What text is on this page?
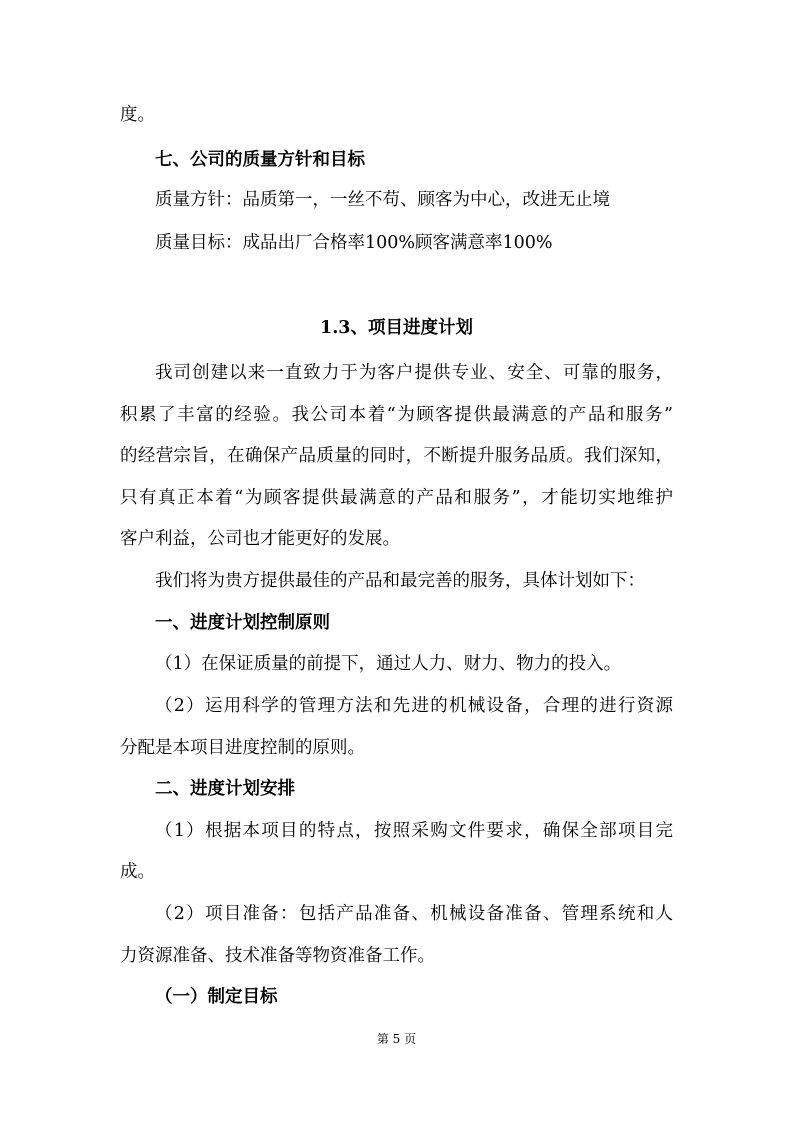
度。
七、公司的质量方针和目标
质量方针：品质第一，一丝不苟、顾客为中心，改进无止境
质量目标：成品出厂合格率100%顾客满意率100%
1.3、项目进度计划
我司创建以来一直致力于为客户提供专业、安全、可靠的服务，
积累了丰富的经验。我公司本着“为顾客提供最满意的产品和服务”
的经营宗旨，在确保产品质量的同时，不断提升服务品质。我们深知，
只有真正本着“为顾客提供最满意的产品和服务”，才能切实地维护
客户利益，公司也才能更好的发展。
我们将为贵方提供最佳的产品和最完善的服务，具体计划如下：
一、进度计划控制原则
（1）在保证质量的前提下，通过人力、财力、物力的投入。
（2）运用科学的管理方法和先进的机械设备，合理的进行资源
分配是本项目进度控制的原则。
二、进度计划安排
（1）根据本项目的特点，按照采购文件要求，确保全部项目完
成。
（2）项目准备：包括产品准备、机械设备准备、管理系统和人
力资源准备、技术准备等物资准备工作。
（一）制定目标
第 5 页
